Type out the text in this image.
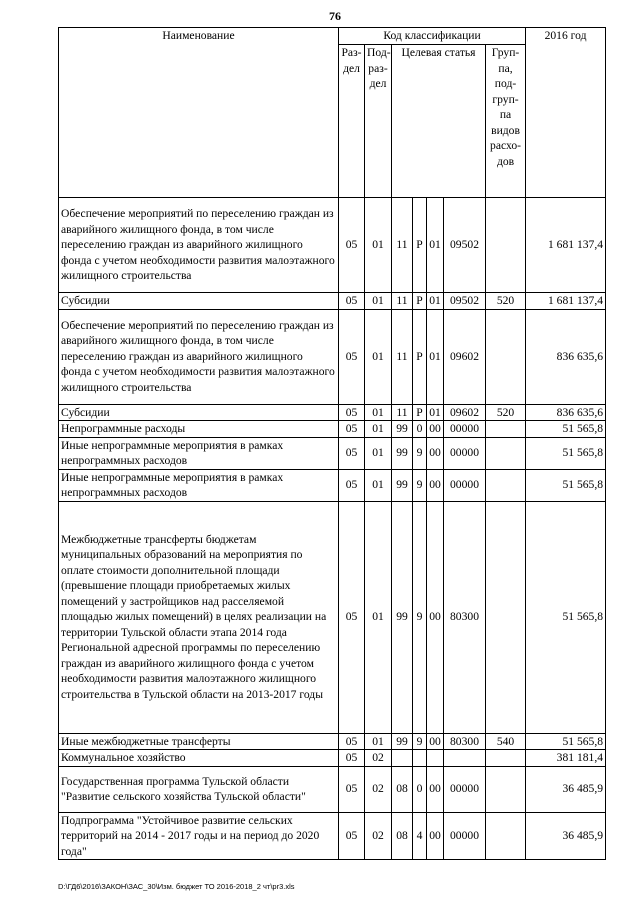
76
Наименование	Код классификации							2016 год
	Раз-дел	Под-раз-дел	Целевая статья				Груп-па, под-груп-па видов расхо-дов	
Обеспечение мероприятий по переселению граждан из аварийного жилищного фонда, в том числе переселению граждан из аварийного жилищного фонда с учетом необходимости развития малоэтажного жилищного строительства	05	01	11	Р	01	09502		1 681 137,4
Субсидии	05	01	11	Р	01	09502	520	1 681 137,4
Обеспечение мероприятий по переселению граждан из аварийного жилищного фонда, в том числе переселению граждан из аварийного жилищного фонда с учетом необходимости развития малоэтажного жилищного строительства	05	01	11	Р	01	09602		836 635,6
Субсидии	05	01	11	Р	01	09602	520	836 635,6
Непрограммные расходы	05	01	99	0	00	00000		51 565,8
Иные непрограммные мероприятия в рамках непрограммных расходов	05	01	99	9	00	00000		51 565,8
Иные непрограммные мероприятия в рамках непрограммных расходов	05	01	99	9	00	00000		51 565,8
Межбюджетные трансферты бюджетам муниципальных образований на мероприятия по оплате стоимости дополнительной площади (превышение площади приобретаемых жилых помещений у застройщиков над расселяемой площадью жилых помещений) в целях реализации на территории Тульской области этапа 2014 года Региональной адресной программы по переселению граждан из аварийного жилищного фонда с учетом необходимости развития малоэтажного жилищного строительства в Тульской области на 2013-2017 годы	05	01	99	9	00	80300		51 565,8
Иные межбюджетные трансферты	05	01	99	9	00	80300	540	51 565,8
Коммунальное хозяйство	05	02						381 181,4
Государственная программа Тульской области "Развитие сельского хозяйства Тульской области"	05	02	08	0	00	00000		36 485,9
Подпрограмма "Устойчивое развитие сельских территорий на 2014 - 2017 годы и на период до 2020 года"	05	02	08	4	00	00000		36 485,9
D:\ГД6\2016\ЗАКОН\ЗАС_30\Изм. бюджет ТО 2016-2018_2 чт\pr3.xls
